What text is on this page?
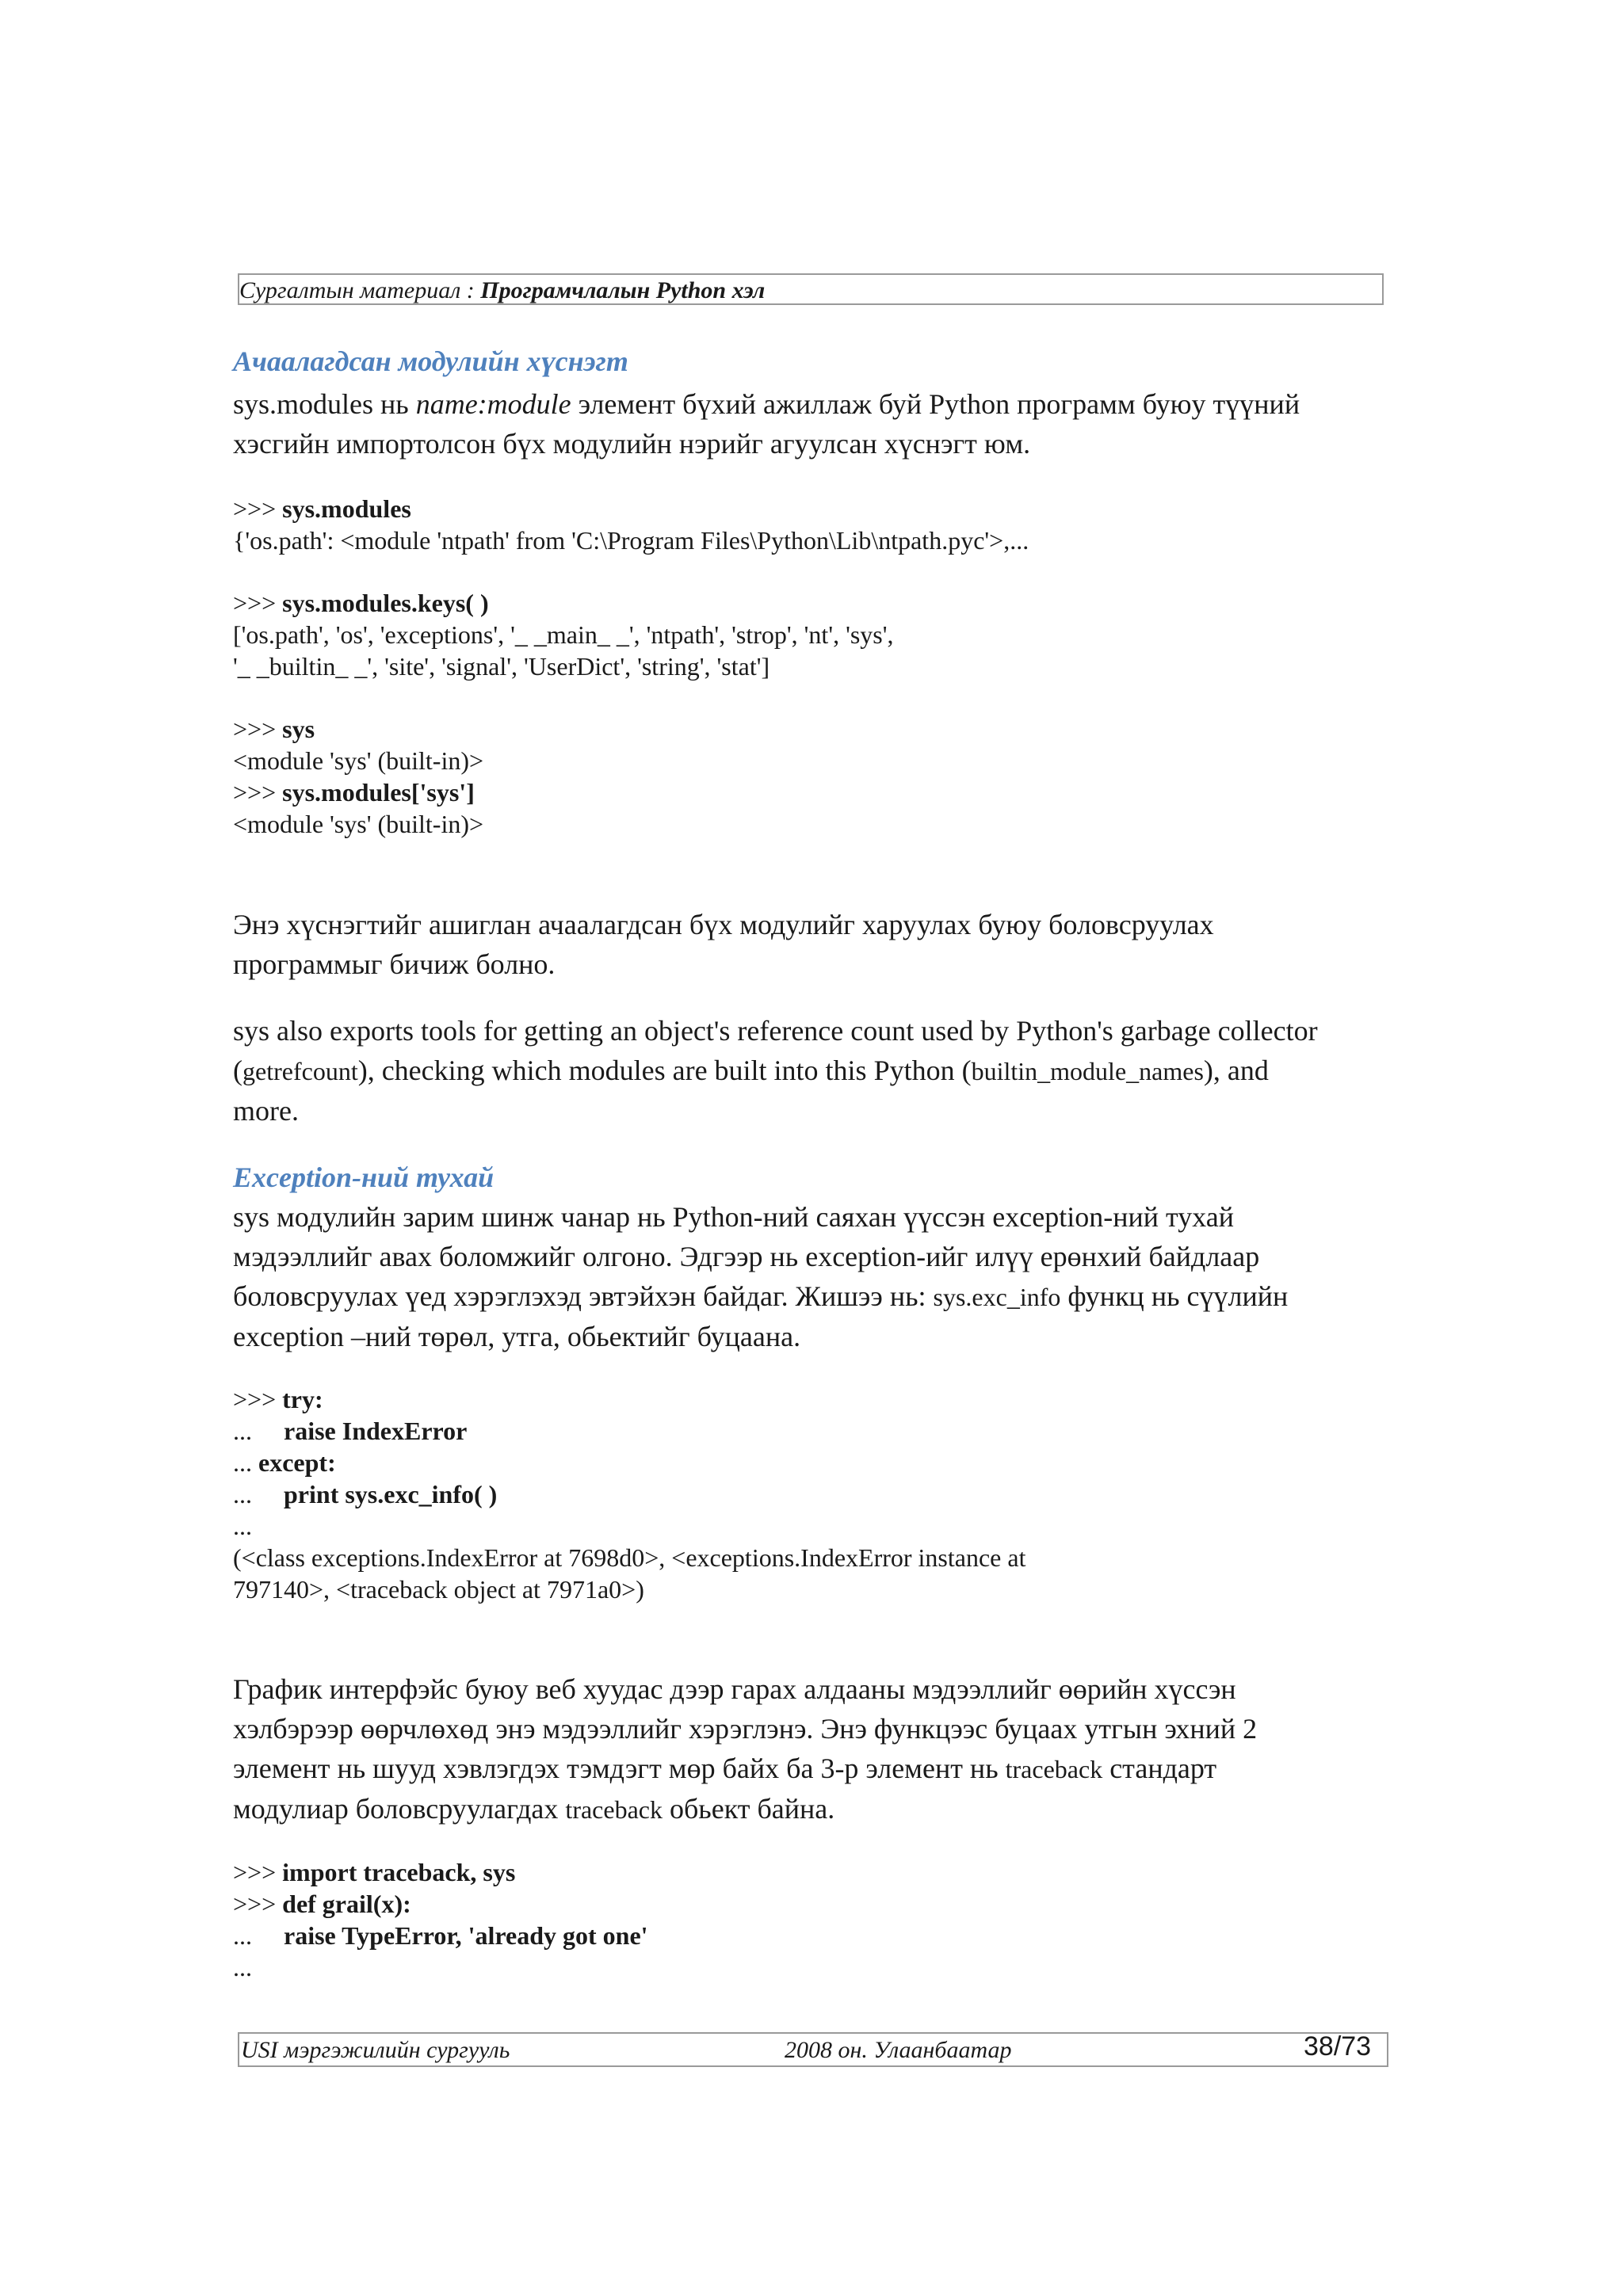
Сургалтын материал : Програмчлалын Python хэл
Ачаалагдсан модулийн хүснэгт
sys.modules нь name:module элемент бүхий ажиллаж буй Python программ буюу түүний
хэсгийн импортолсон бүх модулийн нэрийг агуулсан хүснэгт юм.
>>> sys.modules
{'os.path': <module 'ntpath' from 'C:\Program Files\Python\Lib\ntpath.pyc'>,...
>>> sys.modules.keys( )
['os.path', 'os', 'exceptions', '_ _main_ _', 'ntpath', 'strop', 'nt', 'sys',
'_ _builtin_ _', 'site', 'signal', 'UserDict', 'string', 'stat']
>>> sys
<module 'sys' (built-in)>
>>> sys.modules['sys']
<module 'sys' (built-in)>
Энэ хүснэгтийг ашиглан ачаалагдсан бүх модулийг харуулах буюу боловсруулах
программыг бичиж болно.
sys also exports tools for getting an object's reference count used by Python's garbage collector
(getrefcount), checking which modules are built into this Python (builtin_module_names), and
more.
Exception-ний тухай
sys модулийн зарим шинж чанар нь Python-ний саяхан үүссэн exception-ний тухай
мэдээллийг авах боломжийг олгоно. Эдгээр нь exception-ийг илүү ерөнхий байдлаар
боловсруулах үед хэрэглэхэд эвтэйхэн байдаг. Жишээ нь: sys.exc_info функц нь сүүлийн
exception –ний төрөл, утга, обьектийг буцаана.
>>> try:
...     raise IndexError
... except:
...     print sys.exc_info( )
...
(<class exceptions.IndexError at 7698d0>, <exceptions.IndexError instance at
797140>, <traceback object at 7971a0>)
График интерфэйс буюу веб хуудас дээр гарах алдааны мэдээллийг өөрийн хүссэн
хэлбэрээр өөрчлөхөд энэ мэдээллийг хэрэглэнэ. Энэ функцээс буцаах утгын эхний 2
элемент нь шууд хэвлэгдэх тэмдэгт мөр байх ба 3-р элемент нь traceback стандарт
модулиар боловсруулагдах traceback обьект байна.
>>> import traceback, sys
>>> def grail(x):
...     raise TypeError, 'already got one'
...
USI мэргэжилийн сургууль	2008 он. Улаанбаатар	38/73
